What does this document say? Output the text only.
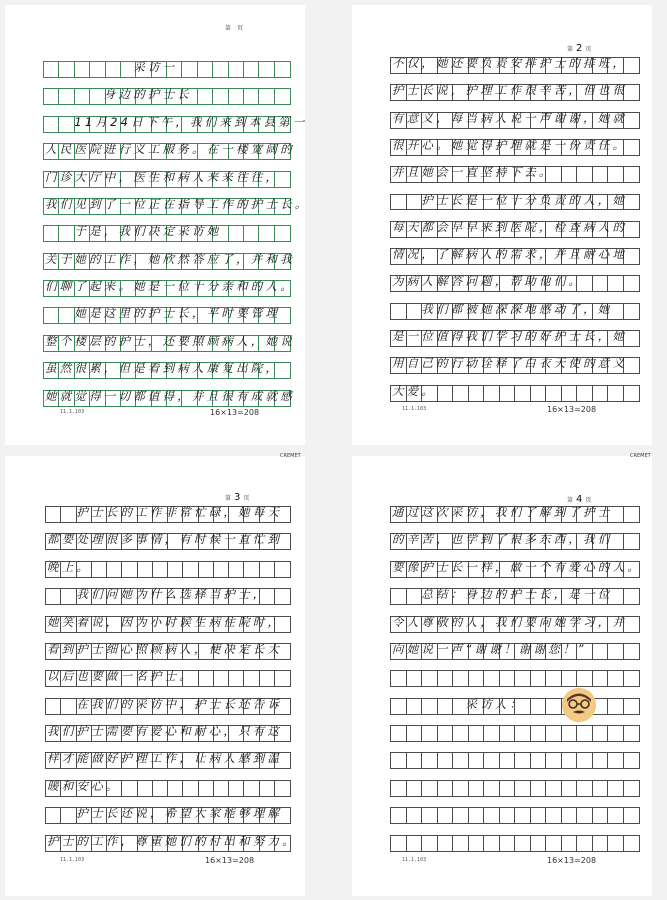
第 页
　　　　　　采访一
　　　　身边的护士长
　　11月24日下午，我们来到本县第一
人民医院进行义工服务。在一楼宽阔的
门诊大厅中，医生和病人来来往往，
我们见到了一位正在指导工作的护士长。
　　于是，我们决定采访她
关于她的工作，她欣然答应了，并和我
们聊了起来。她是一位十分亲和的人。
　　她是这里的护士长，平时要管理
整个楼层的护士，还要照顾病人，她说
虽然很累，但是看到病人康复出院，
她就觉得一切都值得，并且很有成就感
11.1.103	16×13=208
第 2 页
不仅，她还要负责安排护士的排班，
护士长说，护理工作很辛苦，但也很
有意义，每当病人说一声谢谢，她就
很开心。她觉得护理就是一份责任。
并且她会一直坚持下去。
　　护士长是一位十分负责的人，她
每天都会早早来到医院，检查病人的
情况，了解病人的需求，并且耐心地
为病人解答问题，帮助他们。
　　我们都被她深深地感动了，她
是一位值得我们学习的好护士长，她
用自己的行动诠释了白衣天使的意义
大爱。
11.1.103	16×13=208
CREMET
第 3 页
　　护士长的工作非常忙碌，她每天
都要处理很多事情，有时候一直忙到
晚上。
　　我们问她为什么选择当护士，
她笑着说，因为小时候生病住院时，
看到护士细心照顾病人，便决定长大
以后也要做一名护士。
　　在我们的采访中，护士长还告诉
我们护士需要有爱心和耐心，只有这
样才能做好护理工作，让病人感到温
暖和安心。
　　护士长还说，希望大家能够理解
护士的工作，尊重她们的付出和努力。
11.1.103	16×13=208
CREMET
第 4 页
通过这次采访，我们了解到了护士
的辛苦，也学到了很多东西，我们
要像护士长一样，做一个有爱心的人。
　　总结：身边的护士长，是一位
令人尊敬的人，我们要向她学习，并
向她说一声“谢谢！谢谢您！”
　　　　　采访人：
11.1.103	16×13=208
